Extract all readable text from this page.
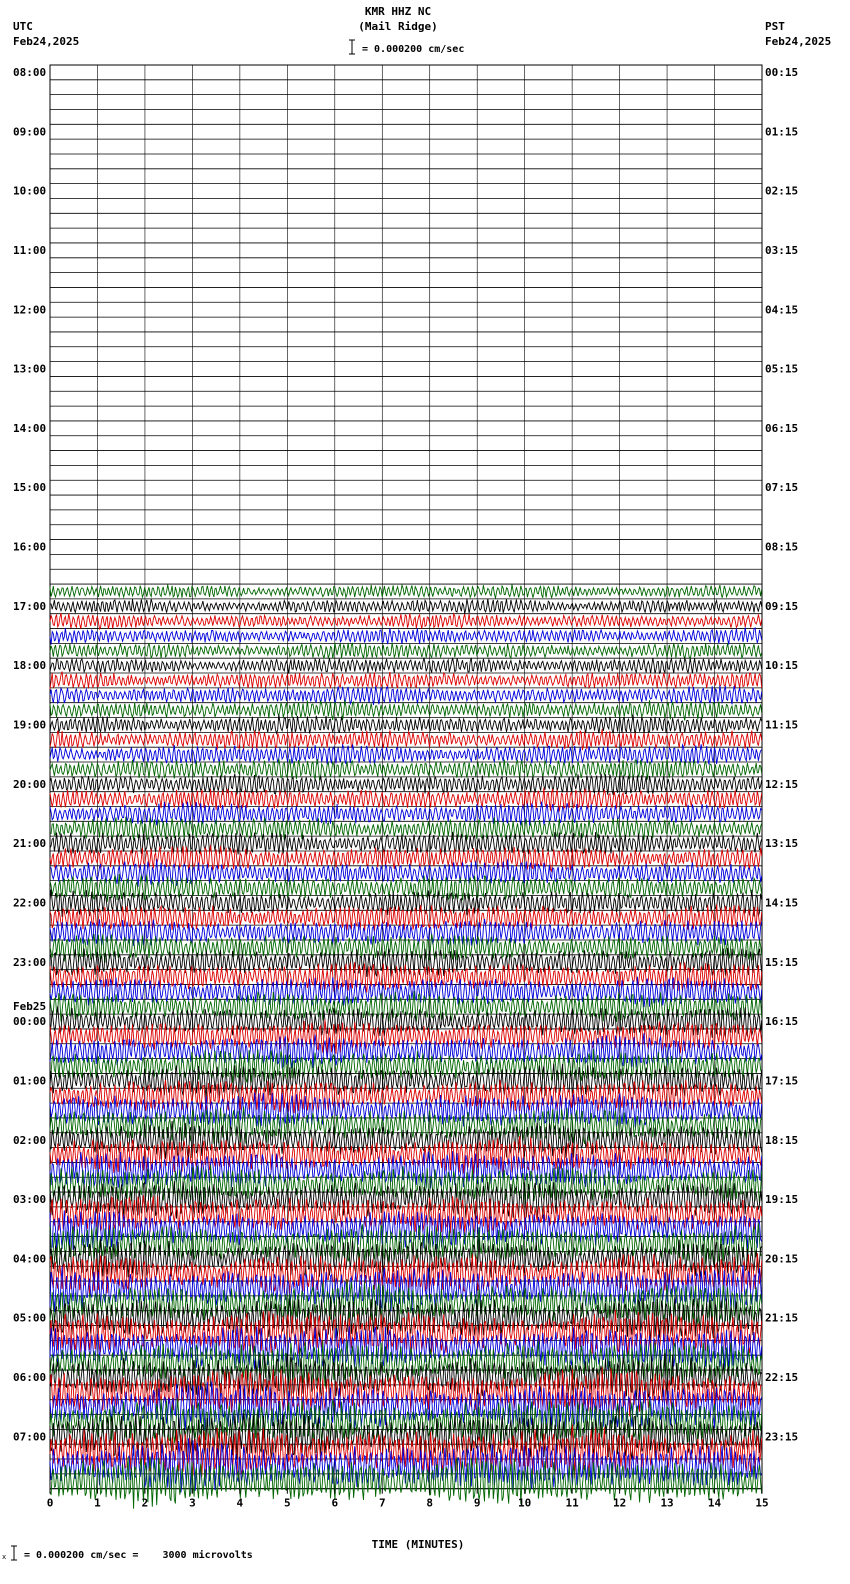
KMR HHZ NC
(Mail Ridge)
= 0.000200 cm/sec
UTC
Feb24,2025
PST
Feb24,2025
08:00	00:15
09:00	01:15
10:00	02:15
11:00	03:15
12:00	04:15
13:00	05:15
14:00	06:15
15:00	07:15
16:00	08:15
17:00	09:15
18:00	10:15
19:00	11:15
20:00	12:15
21:00	13:15
22:00	14:15
23:00	15:15
00:00	16:15
Feb25
01:00	17:15
02:00	18:15
03:00	19:15
04:00	20:15
05:00	21:15
06:00	22:15
07:00	23:15
0	1	2	3	4	5	6	7	8	9	10	11	12	13	14	15
TIME (MINUTES)
x = 0.000200 cm/sec =    3000 microvolts
